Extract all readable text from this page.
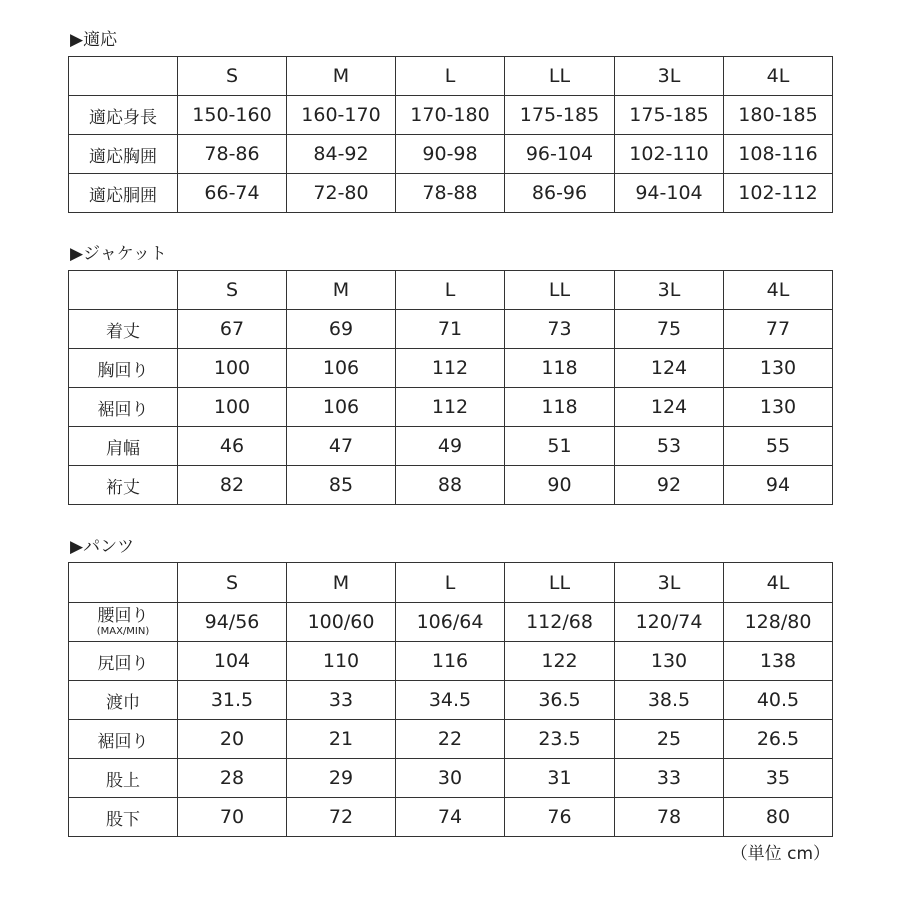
▶適応
	S	M	L	LL	3L	4L
適応身長	150-160	160-170	170-180	175-185	175-185	180-185
適応胸囲	78-86	84-92	90-98	96-104	102-110	108-116
適応胴囲	66-74	72-80	78-88	86-96	94-104	102-112
▶ジャケット
	S	M	L	LL	3L	4L
着丈	67	69	71	73	75	77
胸回り	100	106	112	118	124	130
裾回り	100	106	112	118	124	130
肩幅	46	47	49	51	53	55
裄丈	82	85	88	90	92	94
▶パンツ
	S	M	L	LL	3L	4L

腰回り
(MAX/MIN)	94/56	100/60	106/64	112/68	120/74	128/80
尻回り	104	110	116	122	130	138
渡巾	31.5	33	34.5	36.5	38.5	40.5
裾回り	20	21	22	23.5	25	26.5
股上	28	29	30	31	33	35
股下	70	72	74	76	78	80
（単位 cm）
